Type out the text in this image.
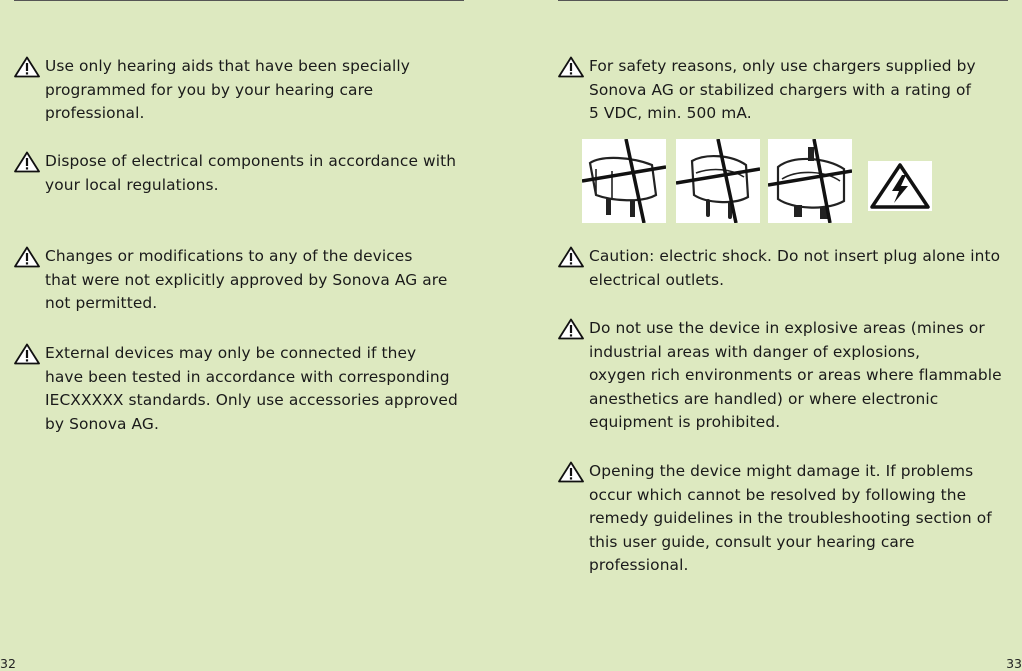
Use only hearing aids that have been specially
programmed for you by your hearing care
professional.
Dispose of electrical components in accordance with
your local regulations.
Changes or modifications to any of the devices
that were not explicitly approved by Sonova AG are
not permitted.
External devices may only be connected if they
have been tested in accordance with corresponding
IECXXXXX standards. Only use accessories approved
by Sonova AG.
32
For safety reasons, only use chargers supplied by
Sonova AG or stabilized chargers with a rating of
5 VDC, min. 500 mA.
Caution: electric shock. Do not insert plug alone into
electrical outlets.
Do not use the device in explosive areas (mines or
industrial areas with danger of explosions,
oxygen rich environments or areas where flammable
anesthetics are handled) or where electronic
equipment is prohibited.
Opening the device might damage it. If problems
occur which cannot be resolved by following the
remedy guidelines in the troubleshooting section of
this user guide, consult your hearing care professional.
33
